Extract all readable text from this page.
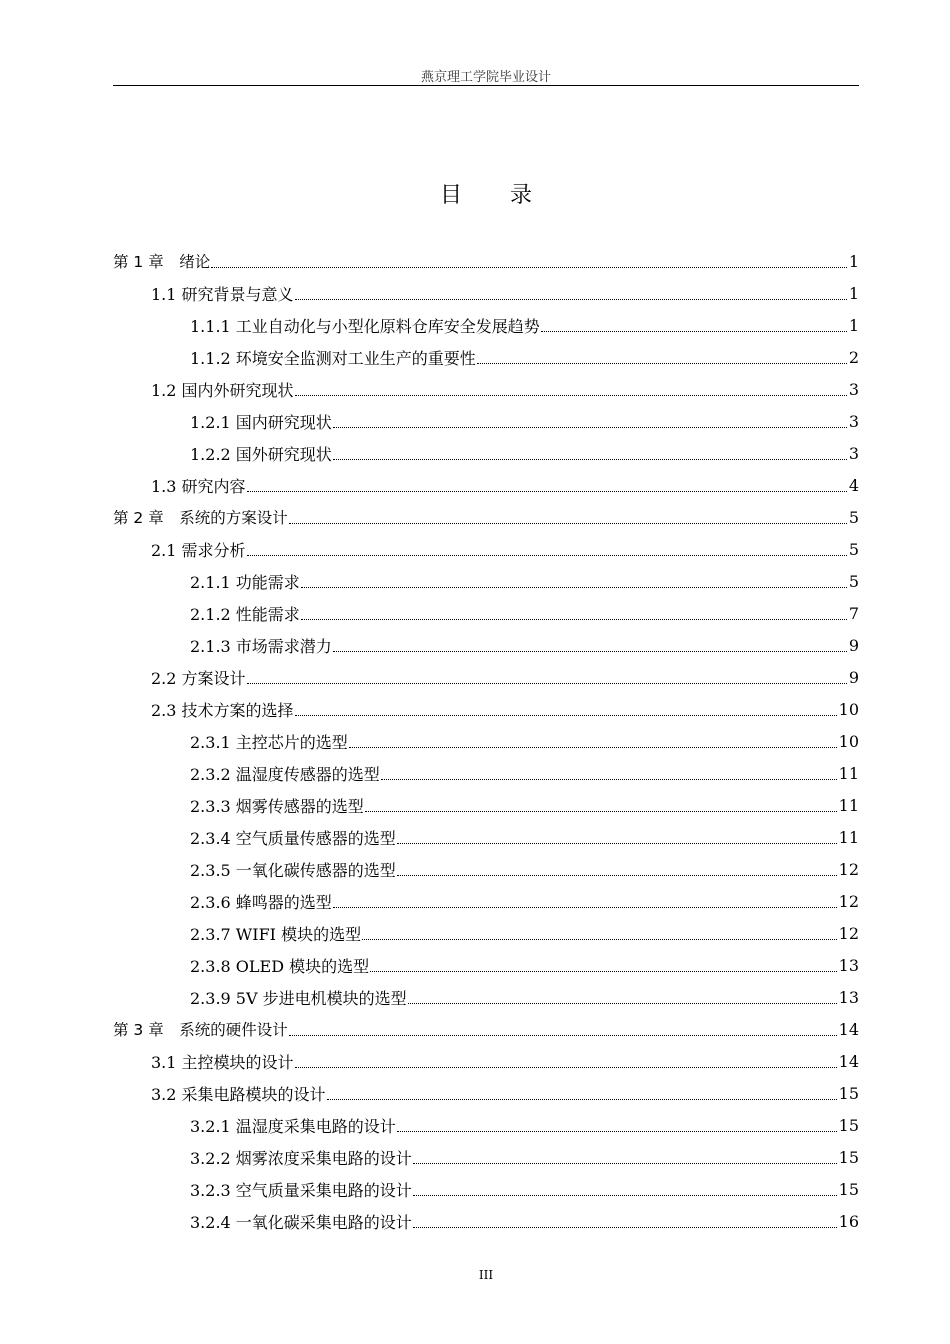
燕京理工学院毕业设计
目录
第 1 章　绪论	1
1.1 研究背景与意义	1
1.1.1 工业自动化与小型化原料仓库安全发展趋势	1
1.1.2 环境安全监测对工业生产的重要性	2
1.2 国内外研究现状	3
1.2.1 国内研究现状	3
1.2.2 国外研究现状	3
1.3 研究内容	4
第 2 章　系统的方案设计	5
2.1 需求分析	5
2.1.1 功能需求	5
2.1.2 性能需求	7
2.1.3 市场需求潜力	9
2.2 方案设计	9
2.3 技术方案的选择	10
2.3.1 主控芯片的选型	10
2.3.2 温湿度传感器的选型	11
2.3.3 烟雾传感器的选型	11
2.3.4 空气质量传感器的选型	11
2.3.5 一氧化碳传感器的选型	12
2.3.6 蜂鸣器的选型	12
2.3.7 WIFI 模块的选型	12
2.3.8 OLED 模块的选型	13
2.3.9 5V 步进电机模块的选型	13
第 3 章　系统的硬件设计	14
3.1 主控模块的设计	14
3.2 采集电路模块的设计	15
3.2.1 温湿度采集电路的设计	15
3.2.2 烟雾浓度采集电路的设计	15
3.2.3 空气质量采集电路的设计	15
3.2.4 一氧化碳采集电路的设计	16
III
